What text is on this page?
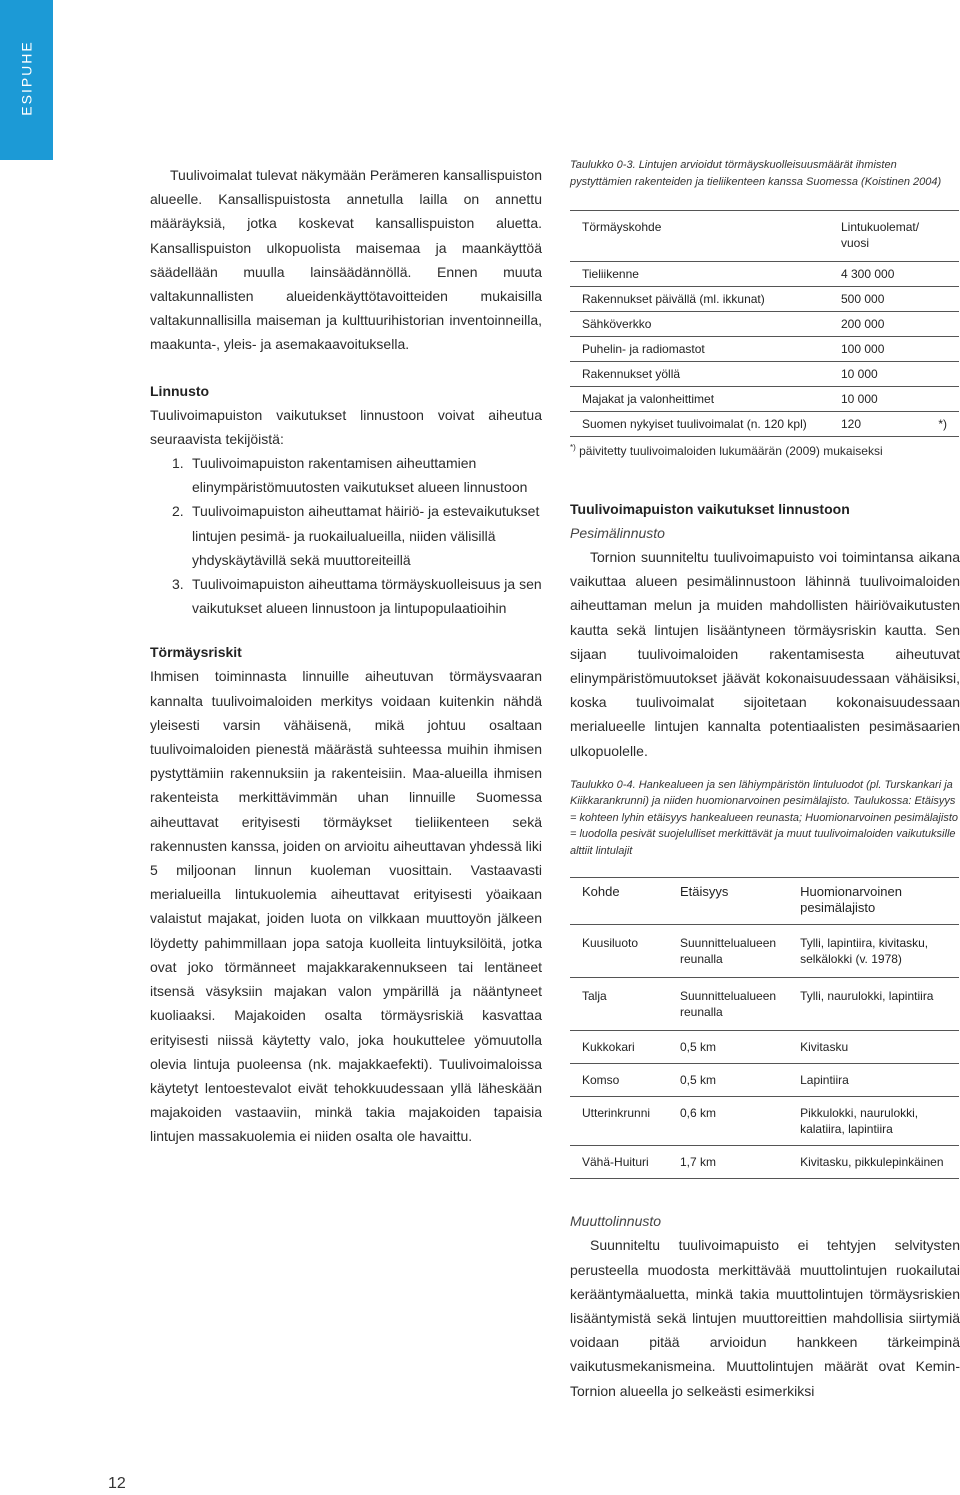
ESIPUHE

Tuulivoimalat tulevat näkymään Perämeren kansallispuiston alueelle. Kansallispuistosta annetulla lailla on annettu määräyksiä, jotka koskevat kansallispuiston aluetta. Kansallispuiston ulkopuolista maisemaa ja maankäyttöä säädellään muulla lainsäädännöllä. Ennen muuta valtakunnallisten alueidenkäyttötavoitteiden mukaisilla valtakunnallisilla maiseman ja kulttuurihistorian inventoinneilla, maakunta-, yleis- ja asemakaavoituksella.

Linnusto

Tuulivoimapuiston vaikutukset linnustoon voivat aiheutua seuraavista tekijöistä:

1. Tuulivoimapuiston rakentamisen aiheuttamien elinympäristömuutosten vaikutukset alueen linnustoon
2. Tuulivoimapuiston aiheuttamat häiriö- ja estevaikutukset lintujen pesimä- ja ruokailualueilla, niiden välisillä yhdyskäytävillä sekä muuttoreiteillä
3. Tuulivoimapuiston aiheuttama törmäyskuolleisuus ja sen vaikutukset alueen linnustoon ja lintupopulaatioihin

Törmäysriskit

Ihmisen toiminnasta linnuille aiheutuvan törmäysvaaran kannalta tuulivoimaloiden merkitys voidaan kuitenkin nähdä yleisesti varsin vähäisenä, mikä johtuu osaltaan tuulivoimaloiden pienestä määrästä suhteessa muihin ihmisen pystyttämiin rakennuksiin ja rakenteisiin. Maa-alueilla ihmisen rakenteista merkittävimmän uhan linnuille Suomessa aiheuttavat erityisesti törmäykset tieliikenteen sekä rakennusten kanssa, joiden on arvioitu aiheuttavan yhdessä liki 5 miljoonan linnun kuoleman vuosittain. Vastaavasti merialueilla lintukuolemia aiheuttavat erityisesti yöaikaan valaistut majakat, joiden luota on vilkkaan muuttoyön jälkeen löydetty pahimmillaan jopa satoja kuolleita lintuyksilöitä, jotka ovat joko törmänneet majakkarakennukseen tai lentäneet itsensä väsyksiin majakan valon ympärillä ja nääntyneet kuoliaaksi. Majakoiden osalta törmäysriskiä kasvattaa erityisesti niissä käytetty valo, joka houkuttelee yömuutolla olevia lintuja puoleensa (nk. majakkaefekti). Tuulivoimaloissa käytetyt lentoestevalot eivät tehokkuudessaan yllä läheskään majakoiden vastaaviin, minkä takia majakoiden tapaisia lintujen massakuolemia ei niiden osalta ole havaittu.

Taulukko 0-3. Lintujen arvioidut törmäyskuolleisuusmäärät ihmisten pystyttämien rakenteiden ja tieliikenteen kanssa Suomessa (Koistinen 2004)

Törmäyskohde	Lintukuolemat/ vuosi	
Tieliikenne	4 300 000	
Rakennukset päivällä (ml. ikkunat)	500 000	
Sähköverkko	200 000	
Puhelin- ja radiomastot	100 000	
Rakennukset yöllä	10 000	
Majakat ja valonheittimet	10 000	
Suomen nykyiset tuulivoimalat (n. 120 kpl)	120	*)

*) päivitetty tuulivoimaloiden lukumäärän (2009) mukaiseksi

Tuulivoimapuiston vaikutukset linnustoon

Pesimälinnusto

Tornion suunniteltu tuulivoimapuisto voi toimintansa aikana vaikuttaa alueen pesimälinnustoon lähinnä tuulivoimaloiden aiheuttaman melun ja muiden mahdollisten häiriövaikutusten kautta sekä lintujen lisääntyneen törmäysriskin kautta. Sen sijaan tuulivoimaloiden rakentamisesta aiheutuvat elinympäristömuutokset jäävät kokonaisuudessaan vähäisiksi, koska tuulivoimalat sijoitetaan kokonaisuudessaan merialueelle lintujen kannalta potentiaalisten pesimäsaarien ulkopuolelle.

Taulukko 0-4. Hankealueen ja sen lähiympäristön lintuluodot (pl. Turskankari ja Kiikkarankrunni) ja niiden huomionarvoinen pesimälajisto. Taulukossa: Etäisyys = kohteen lyhin etäisyys hankealueen reunasta; Huomionarvoinen pesimälajisto = luodolla pesivät suojelulliset merkittävät ja muut tuulivoimaloiden vaikutuksille alttiit lintulajit

Kohde	Etäisyys	Huomionarvoinen pesimälajisto
Kuusiluoto	Suunnittelualueen reunalla	Tylli, lapintiira, kivitasku, selkälokki (v. 1978)
Talja	Suunnittelualueen reunalla	Tylli, naurulokki, lapintiira
Kukkokari	0,5 km	Kivitasku
Komso	0,5 km	Lapintiira
Utterinkrunni	0,6 km	Pikkulokki, naurulokki, kalatiira, lapintiira
Vähä-Huituri	1,7 km	Kivitasku, pikkulepinkäinen

Muuttolinnusto

Suunniteltu tuulivoimapuisto ei tehtyjen selvitysten perusteella muodosta merkittävää muuttolintujen ruokailutai kerääntymäaluetta, minkä takia muuttolintujen törmäysriskien lisääntymistä sekä lintujen muuttoreittien mahdollisia siirtymiä voidaan pitää arvioidun hankkeen tärkeimpinä vaikutusmekanismeina. Muuttolintujen määrät ovat Kemin-Tornion alueella jo selkeästi esimerkiksi

12
